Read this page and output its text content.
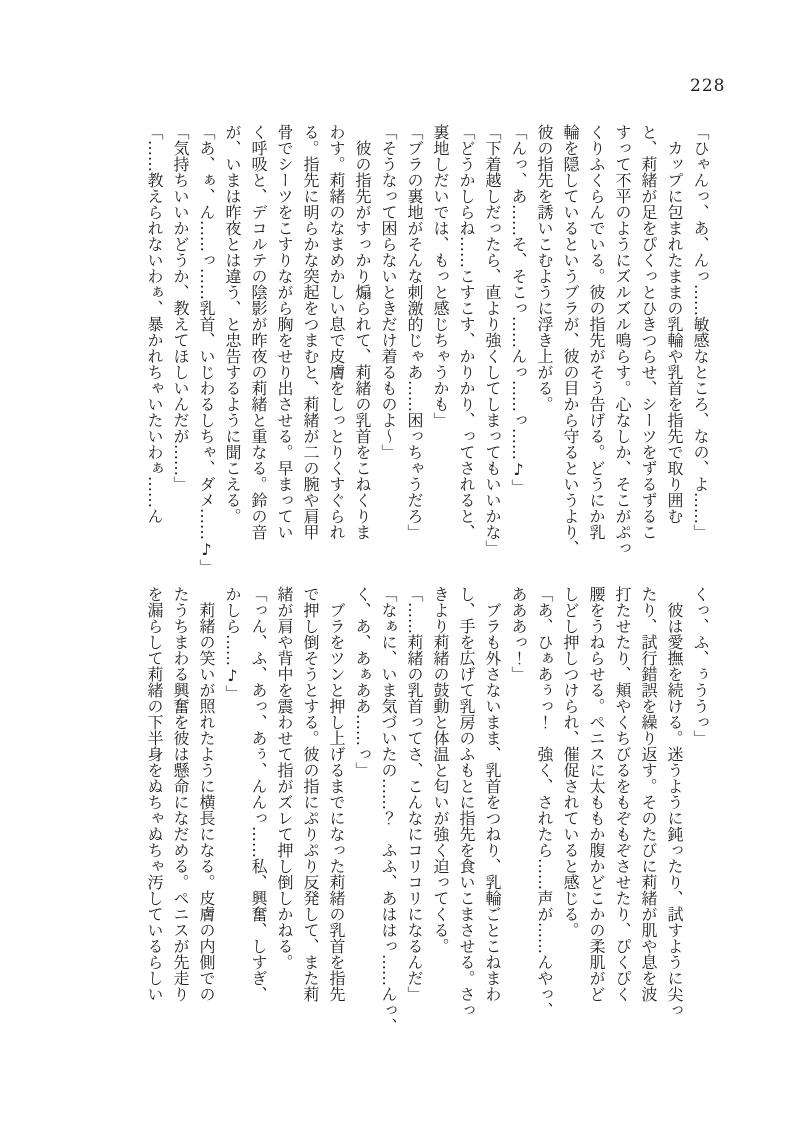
228

「ひゃんっ、あ、んっ……敏感なところ、なの、よ……」

　カップに包まれたままの乳輪や乳首を指先で取り囲む

と、莉緒が足をぴくっとひきつらせ、シーツをずるずるこ

すって不平のようにズルズル鳴らす。心なしか、そこがぷっ

くりふくらんでいる。彼の指先がそう告げる。どうにか乳

輪を隠しているというブラが、彼の目から守るというより、

彼の指先を誘いこむように浮き上がる。

「んっ、あ……そ、そこっ……んっ……っ……♪」

「下着越しだったら、直より強くしてしまってもいいかな」

「どうかしらね……こすこす、かりかり、ってされると、

裏地しだいでは、もっと感じちゃうかも」

「ブラの裏地がそんな刺激的じゃあ……困っちゃうだろ」

「そうなって困らないときだけ着るものよ～」

　彼の指先がすっかり煽られて、莉緒の乳首をこねくりま

わす。莉緒のなまめかしい息で皮膚をしっとりくすぐられ

る。指先に明らかな突起をつまむと、莉緒が二の腕や肩甲

骨でシーツをこすりながら胸をせり出させる。早まってい

く呼吸と、デコルテの陰影が昨夜の莉緒と重なる。鈴の音

が、いまは昨夜とは違う、と忠告するように聞こえる。

「あ、ぁ、ん……っ……乳首、いじわるしちゃ、ダメ……♪」

「気持ちいいかどうか、教えてほしいんだが……」

「……教えられないわぁ、暴かれちゃいたいわぁ……ん

くっ、ふ、ぅううっ」

　彼は愛撫を続ける。迷うように鈍ったり、試すように尖っ

たり、試行錯誤を繰り返す。そのたびに莉緒が肌や息を波

打たせたり、頬やくちびるをもぞもぞさせたり、ぴくぴく

腰をうねらせる。ペニスに太ももか腹かどこかの柔肌がど

しどし押しつけられ、催促されていると感じる。

「あ、ひぁあぅっ！　強く、されたら……声が……んやっ、

あああっ！」

　ブラも外さないまま、乳首をつねり、乳輪ごとこねまわ

し、手を広げて乳房のふもとに指先を食いこまさせる。さっ

きより莉緒の鼓動と体温と匂いが強く迫ってくる。

「……莉緒の乳首ってさ、こんなにコリコリになるんだ」

「なぁに、いま気づいたの……？　ふふ、あははっ……んっ、

く、あ、あぁああ……っ」

　ブラをツンと押し上げるまでになった莉緒の乳首を指先

で押し倒そうとする。彼の指にぷりぷり反発して、また莉

緒が肩や背中を震わせて指がズレて押し倒しかねる。

「っん、ふ、あっ、あぅ、んんっ……私、興奮、しすぎ、

かしら……♪」

　莉緒の笑いが照れたように横長になる。皮膚の内側での

たうちまわる興奮を彼は懸命になだめる。ペニスが先走り

を漏らして莉緒の下半身をぬちゃぬちゃ汚しているらしい
